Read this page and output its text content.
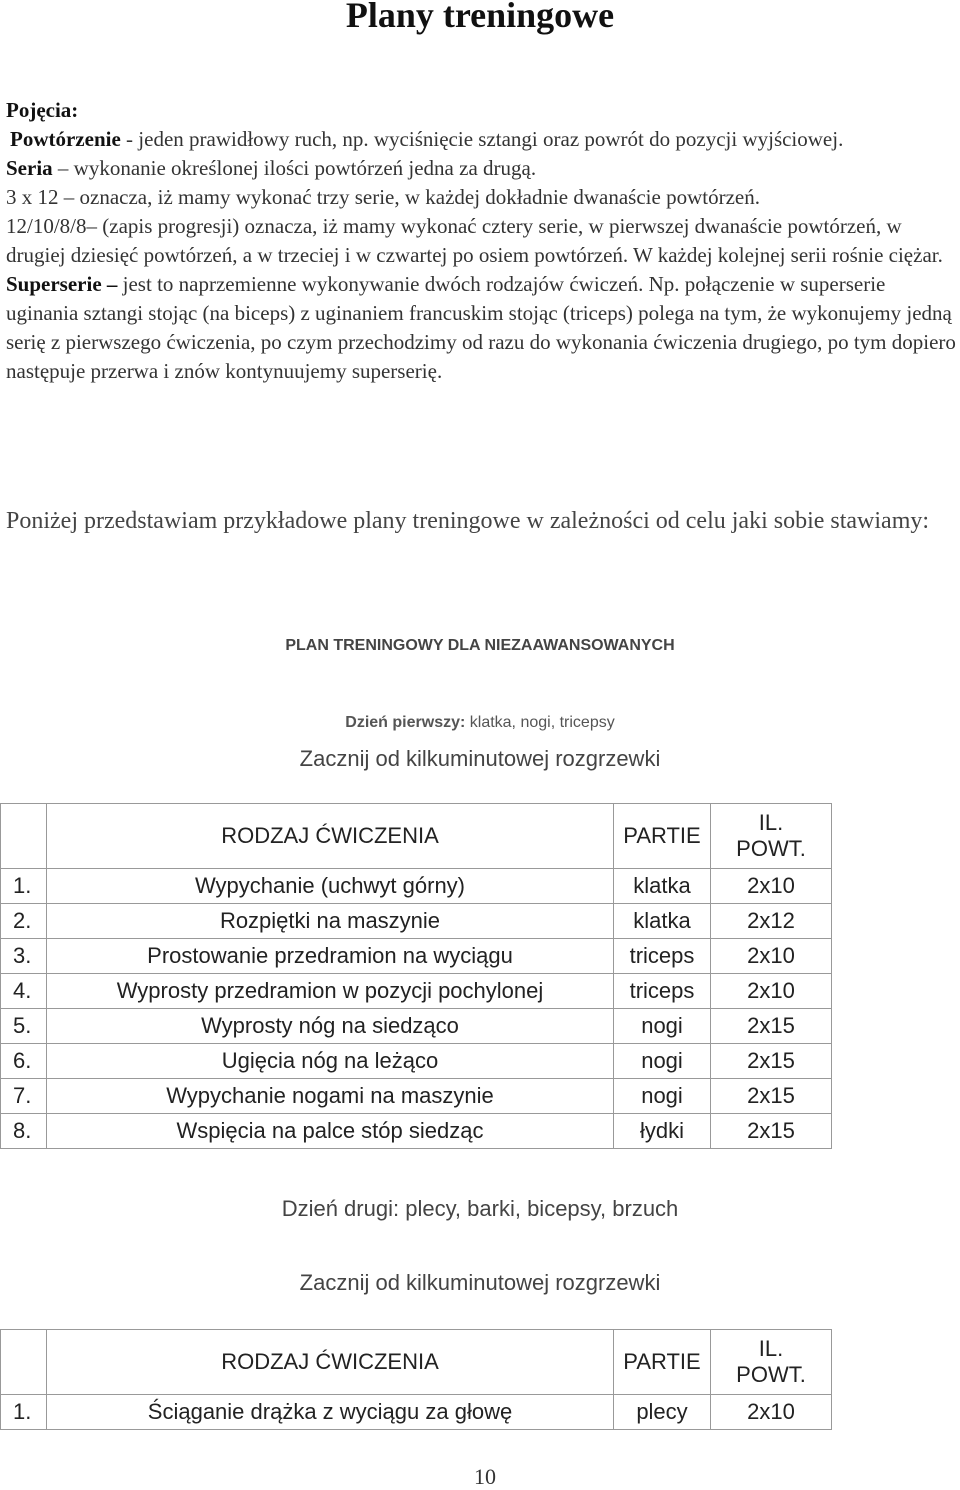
Plany treningowe
Pojęcia:

Powtórzenie - jeden prawidłowy ruch, np. wyciśnięcie sztangi oraz powrót do pozycji wyjściowej.

Seria – wykonanie określonej ilości powtórzeń jedna za drugą.

3 x 12 – oznacza, iż mamy wykonać trzy serie, w każdej dokładnie dwanaście powtórzeń.

12/10/8/8– (zapis progresji) oznacza, iż mamy wykonać cztery serie, w pierwszej dwanaście powtórzeń, w drugiej dziesięć powtórzeń, a w trzeciej i w czwartej po osiem powtórzeń. W każdej kolejnej serii rośnie ciężar.

Superserie – jest to naprzemienne wykonywanie dwóch rodzajów ćwiczeń. Np. połączenie w superserie uginania sztangi stojąc (na biceps) z uginaniem francuskim stojąc (triceps) polega na tym, że wykonujemy jedną serię z pierwszego ćwiczenia, po czym przechodzimy od razu do wykonania ćwiczenia drugiego, po tym dopiero następuje przerwa i znów kontynuujemy superserię.

Poniżej przedstawiam przykładowe plany treningowe w zależności od celu jaki sobie stawiamy:
PLAN TRENINGOWY DLA NIEZAAWANSOWANYCH
Dzień pierwszy: klatka, nogi, tricepsy
Zacznij od kilkuminutowej rozgrzewki
	RODZAJ ĆWICZENIA	PARTIE	IL.
POWT.
1.	Wypychanie (uchwyt górny)	klatka	2x10
2.	Rozpiętki na maszynie	klatka	2x12
3.	Prostowanie przedramion na wyciągu	triceps	2x10
4.	Wyprosty przedramion w pozycji pochylonej	triceps	2x10
5.	Wyprosty nóg na siedząco	nogi	2x15
6.	Ugięcia nóg na leżąco	nogi	2x15
7.	Wypychanie nogami na maszynie	nogi	2x15
8.	Wspięcia na palce stóp siedząc	łydki	2x15
Dzień drugi: plecy, barki, bicepsy, brzuch
Zacznij od kilkuminutowej rozgrzewki
	RODZAJ ĆWICZENIA	PARTIE	IL.
POWT.
1.	Ściąganie drążka z wyciągu za głowę	plecy	2x10
10
